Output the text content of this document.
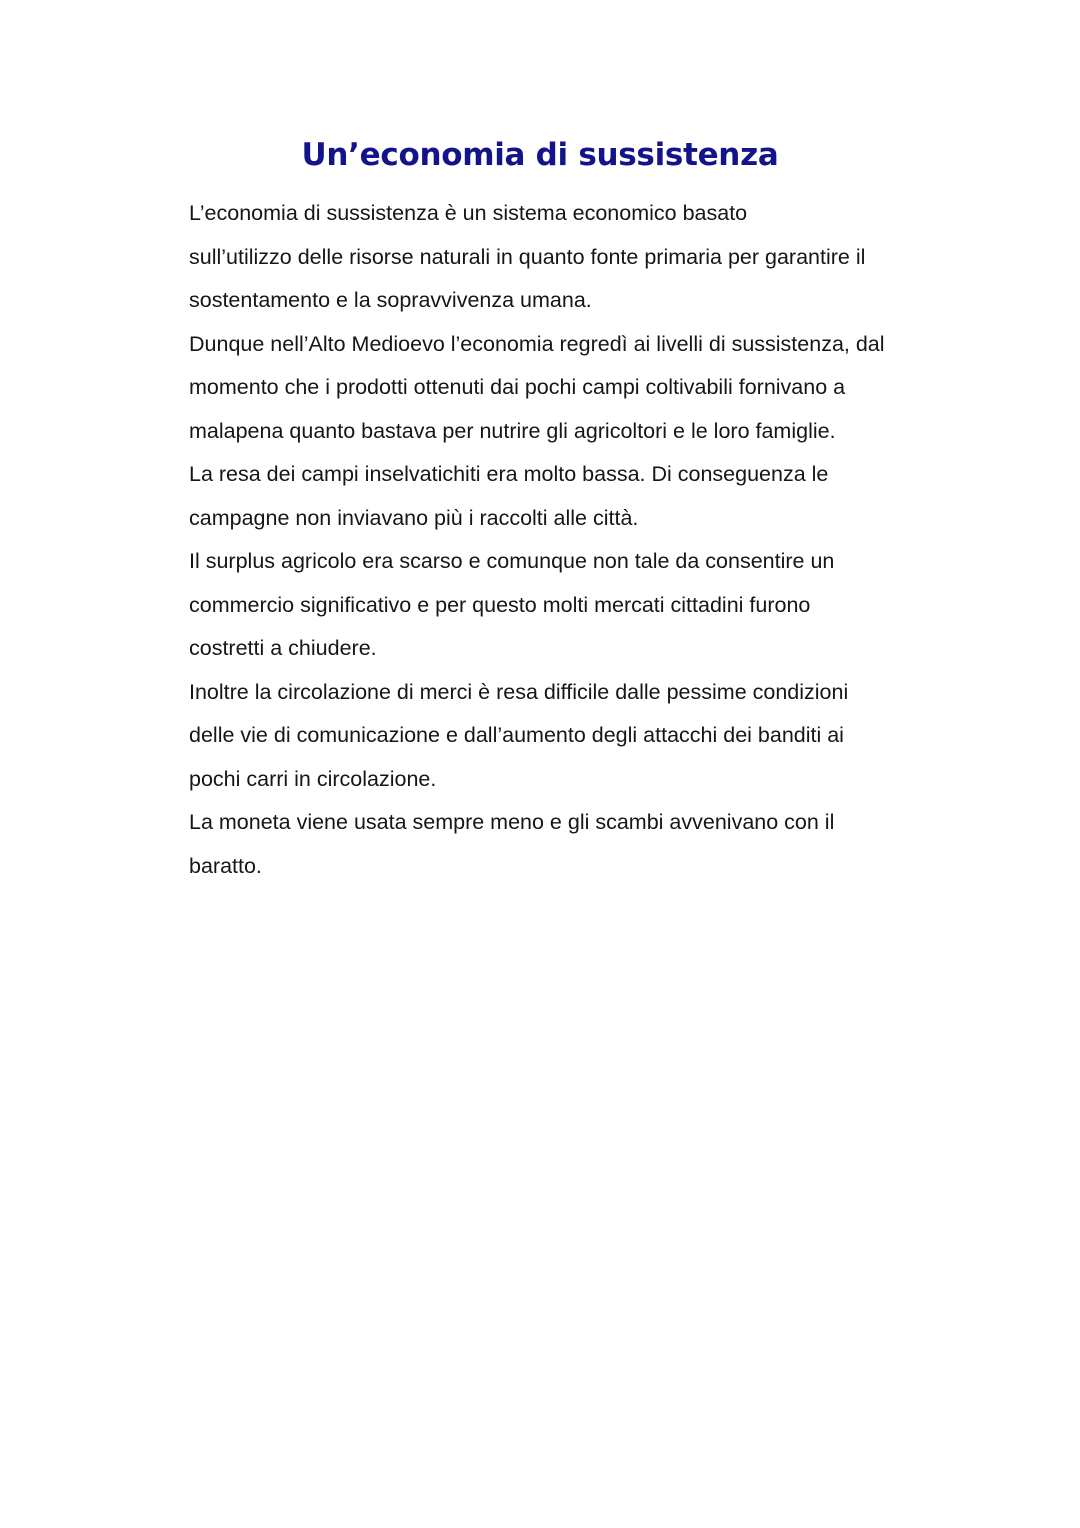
Un’economia di sussistenza
L’economia di sussistenza è un sistema economico basato
sull’utilizzo delle risorse naturali in quanto fonte primaria per garantire il
sostentamento e la sopravvivenza umana.
Dunque nell’Alto Medioevo l’economia regredì ai livelli di sussistenza, dal
momento che i prodotti ottenuti dai pochi campi coltivabili fornivano a
malapena quanto bastava per nutrire gli agricoltori e le loro famiglie.
La resa dei campi inselvatichiti era molto bassa. Di conseguenza le
campagne non inviavano più i raccolti alle città.
Il surplus agricolo era scarso e comunque non tale da consentire un
commercio significativo e per questo molti mercati cittadini furono
costretti a chiudere.
Inoltre la circolazione di merci è resa difficile dalle pessime condizioni
delle vie di comunicazione e dall’aumento degli attacchi dei banditi ai
pochi carri in circolazione.
La moneta viene usata sempre meno e gli scambi avvenivano con il
baratto.
